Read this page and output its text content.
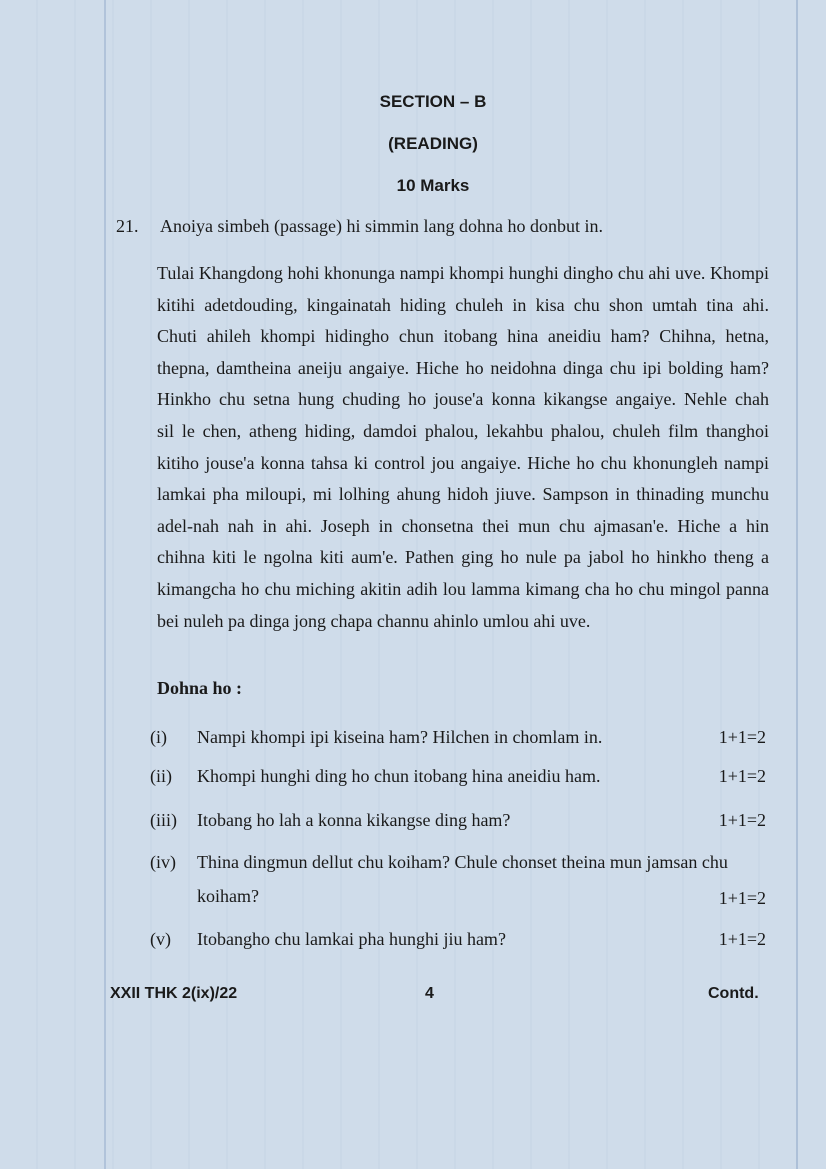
SECTION – B
(READING)
10 Marks
21. Anoiya simbeh (passage) hi simmin lang dohna ho donbut in.
Tulai Khangdong hohi khonunga nampi khompi hunghi dingho chu ahi uve. Khompi
kitihi adetdouding, kingainatah hiding chuleh in kisa chu shon umtah tina ahi.
Chuti ahileh khompi hidingho chun itobang hina aneidiu ham? Chihna, hetna,
thepna, damtheina aneiju angaiye. Hiche ho neidohna dinga chu ipi bolding ham?
Hinkho chu setna hung chuding ho jouse'a konna kikangse angaiye. Nehle chah
sil le chen, atheng hiding, damdoi phalou, lekahbu phalou, chuleh film thanghoi
kitiho jouse'a konna tahsa ki control jou angaiye. Hiche ho chu khonungleh nampi
lamkai pha miloupi, mi lolhing ahung hidoh jiuve. Sampson in thinading munchu
adel-nah nah in ahi. Joseph in chonsetna thei mun chu ajmasan'e. Hiche a hin
chihna kiti le ngolna kiti aum'e. Pathen ging ho nule pa jabol ho hinkho theng a
kimangcha ho chu miching akitin adih lou lamma kimang cha ho chu mingol panna
bei nuleh pa dinga jong chapa channu ahinlo umlou ahi uve.
Dohna ho :
(i) Nampi khompi ipi kiseina ham? Hilchen in chomlam in.	1+1=2
(ii) Khompi hunghi ding ho chun itobang hina aneidiu ham.	1+1=2
(iii) Itobang ho lah a konna kikangse ding ham?	1+1=2
(iv) Thina dingmun dellut chu koiham? Chule chonset theina mun jamsan chu
koiham?	1+1=2
(v) Itobangho chu lamkai pha hunghi jiu ham?	1+1=2
XXII THK 2(ix)/22	4	Contd.
